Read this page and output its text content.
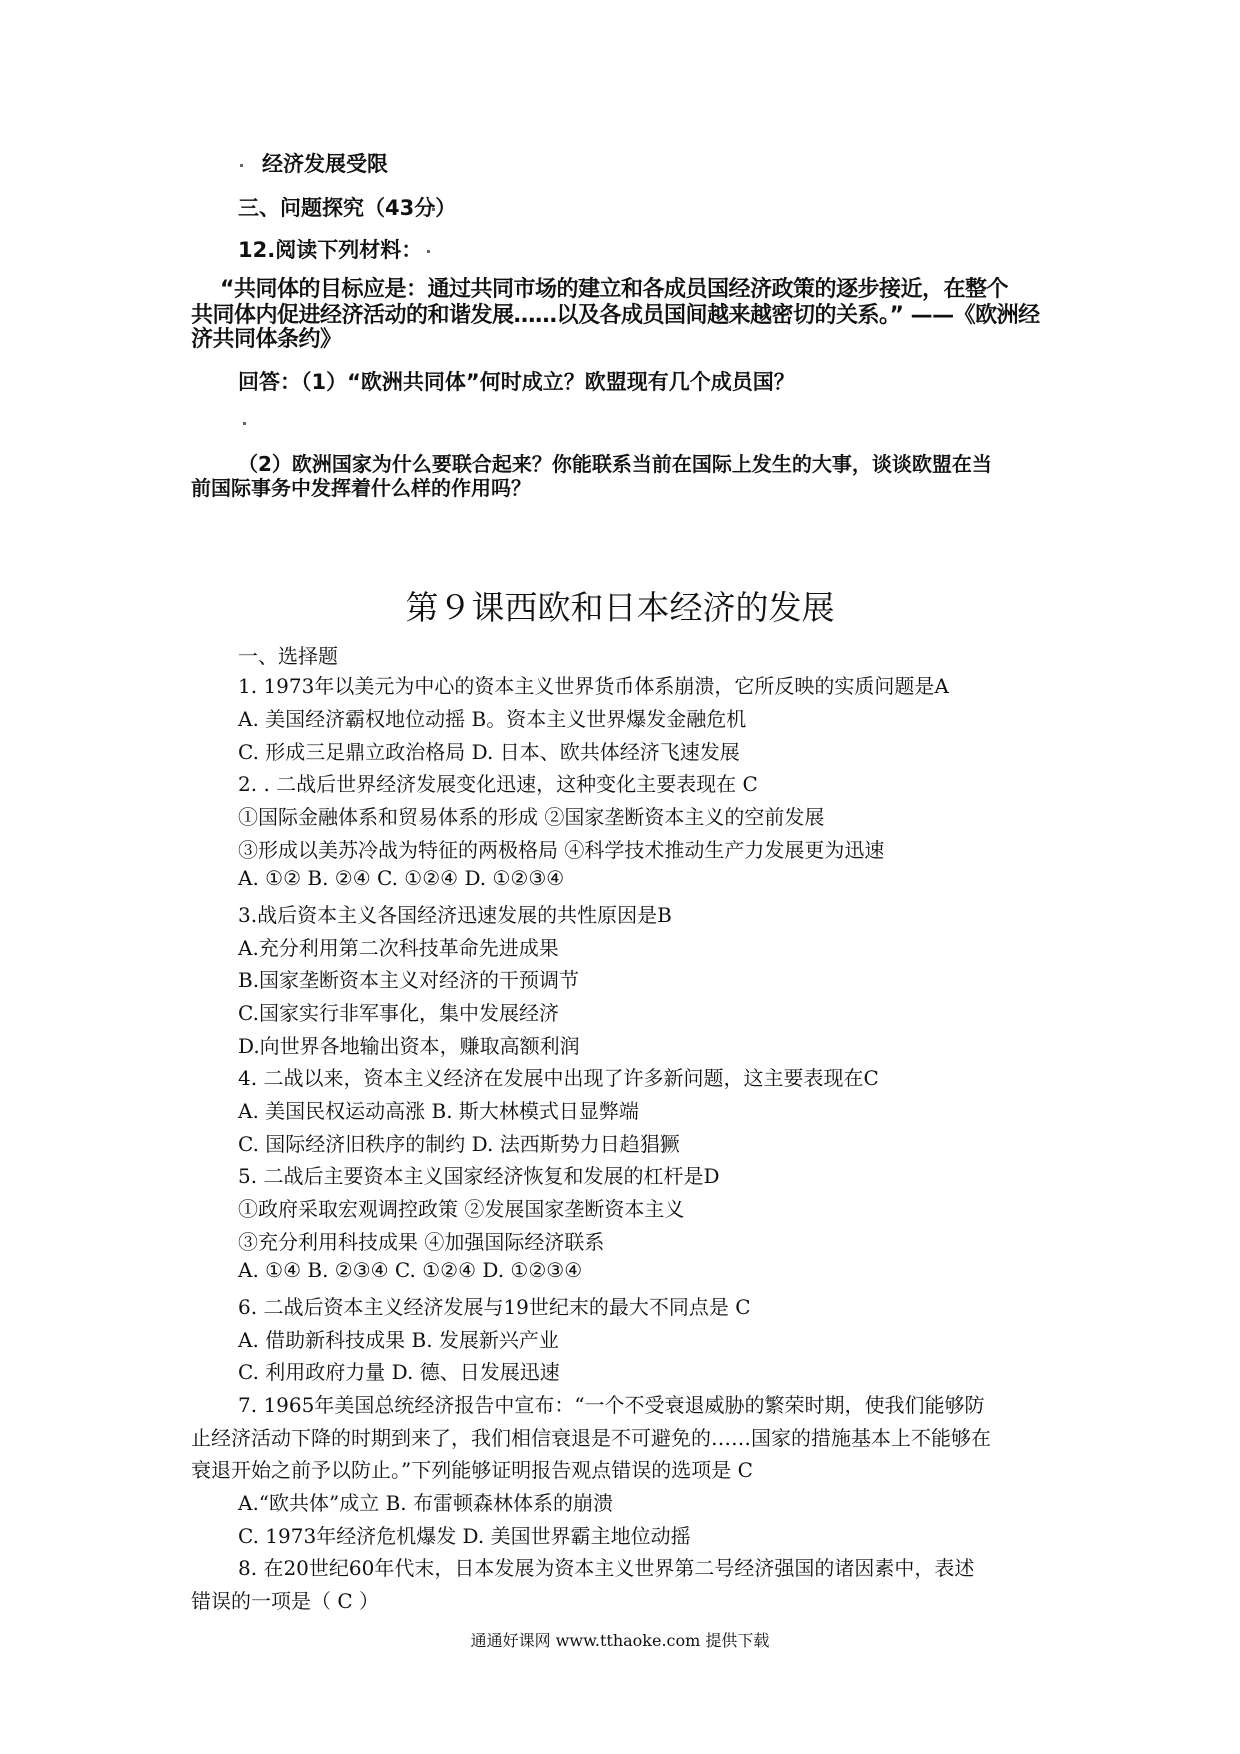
经济发展受限
三、问题探究（43分）
12.阅读下列材料：
“共同体的目标应是：通过共同市场的建立和各成员国经济政策的逐步接近，在整个
共同体内促进经济活动的和谐发展……以及各成员国间越来越密切的关系。” ——《欧洲经
济共同体条约》
回答：（1）“欧洲共同体”何时成立？欧盟现有几个成员国？
（2）欧洲国家为什么要联合起来？你能联系当前在国际上发生的大事，谈谈欧盟在当
前国际事务中发挥着什么样的作用吗？
第９课西欧和日本经济的发展
一、选择题
1. 1973年以美元为中心的资本主义世界货币体系崩溃，它所反映的实质问题是A
A. 美国经济霸权地位动摇 B。资本主义世界爆发金融危机
C. 形成三足鼎立政治格局 D. 日本、欧共体经济飞速发展
2. . 二战后世界经济发展变化迅速，这种变化主要表现在 C
①国际金融体系和贸易体系的形成 ②国家垄断资本主义的空前发展
③形成以美苏冷战为特征的两极格局 ④科学技术推动生产力发展更为迅速
A. ①② B. ②④ C. ①②④ D. ①②③④
3.战后资本主义各国经济迅速发展的共性原因是B
A.充分利用第二次科技革命先进成果
B.国家垄断资本主义对经济的干预调节
C.国家实行非军事化，集中发展经济
D.向世界各地输出资本，赚取高额利润
4. 二战以来，资本主义经济在发展中出现了许多新问题，这主要表现在C
A. 美国民权运动高涨 B. 斯大林模式日显弊端
C. 国际经济旧秩序的制约 D. 法西斯势力日趋猖獗
5. 二战后主要资本主义国家经济恢复和发展的杠杆是D
①政府采取宏观调控政策 ②发展国家垄断资本主义
③充分利用科技成果 ④加强国际经济联系
A. ①④ B. ②③④ C. ①②④ D. ①②③④
6. 二战后资本主义经济发展与19世纪末的最大不同点是 C
A. 借助新科技成果 B. 发展新兴产业
C. 利用政府力量 D. 德、日发展迅速
7. 1965年美国总统经济报告中宣布：“一个不受衰退威胁的繁荣时期，使我们能够防
止经济活动下降的时期到来了，我们相信衰退是不可避免的……国家的措施基本上不能够在
衰退开始之前予以防止。”下列能够证明报告观点错误的选项是 C
A.“欧共体”成立 B. 布雷顿森林体系的崩溃
C. 1973年经济危机爆发 D. 美国世界霸主地位动摇
8. 在20世纪60年代末，日本发展为资本主义世界第二号经济强国的诸因素中，表述
错误的一项是（ C ）
通通好课网 www.tthaoke.com 提供下载
